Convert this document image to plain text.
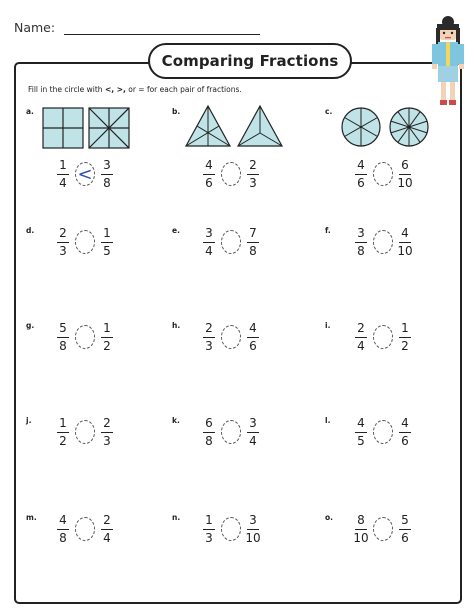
Name:
Comparing Fractions
Fill in the circle with <, >, or = for each pair of fractions.
a.
$\frac{1}{4} < \frac{3}{8}$
b.
$\frac{4}{6} \frac{2}{3}$
c.
$\frac{4}{6} \frac{6}{10}$
d. $\frac{2}{3} \frac{1}{5}$	e. $\frac{3}{4} \frac{7}{8}$	f. $\frac{3}{8} \frac{4}{10}$
g. $\frac{5}{8} \frac{1}{2}$	h. $\frac{2}{3} \frac{4}{6}$	i. $\frac{2}{4} \frac{1}{2}$
j. $\frac{1}{2} \frac{2}{3}$	k. $\frac{6}{8} \frac{3}{4}$	l. $\frac{4}{5} \frac{4}{6}$
m. $\frac{4}{8} \frac{2}{4}$	n. $\frac{1}{3} \frac{3}{10}$	o. $\frac{8}{10} \frac{5}{6}$
